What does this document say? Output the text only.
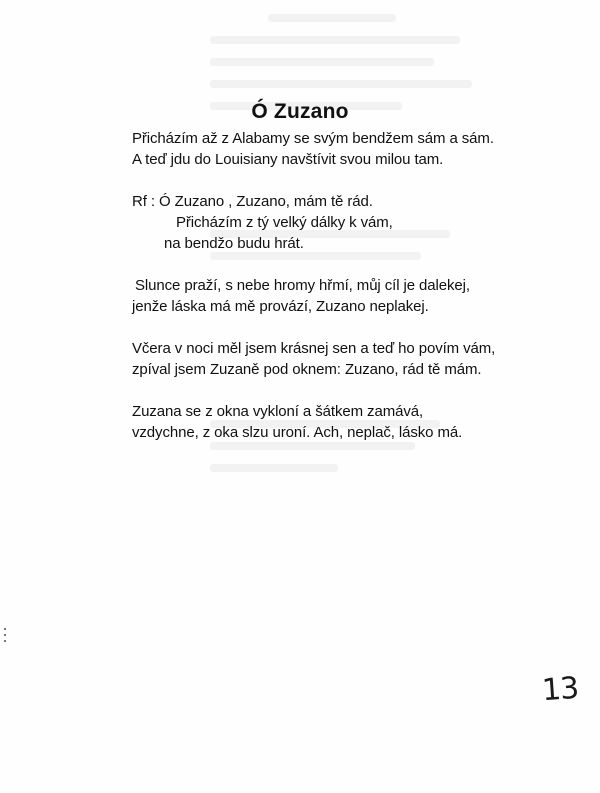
Ó Zuzano
Přicházím až z Alabamy se svým bendžem sám a sám.
A teď jdu do Louisiany navštívit svou milou tam.
Rf : Ó Zuzano , Zuzano, mám tě rád.
Přicházím z tý velký dálky k vám,
na bendžo budu hrát.
Slunce praží, s nebe hromy hřmí, můj cíl je dalekej,
jenže láska má mě provází, Zuzano neplakej.
Včera v noci měl jsem krásnej sen a teď ho povím vám,
zpíval jsem Zuzaně pod oknem: Zuzano, rád tě mám.
Zuzana se z okna vykloní a šátkem zamává,
vzdychne, z oka slzu uroní. Ach, neplač, lásko má.
13
